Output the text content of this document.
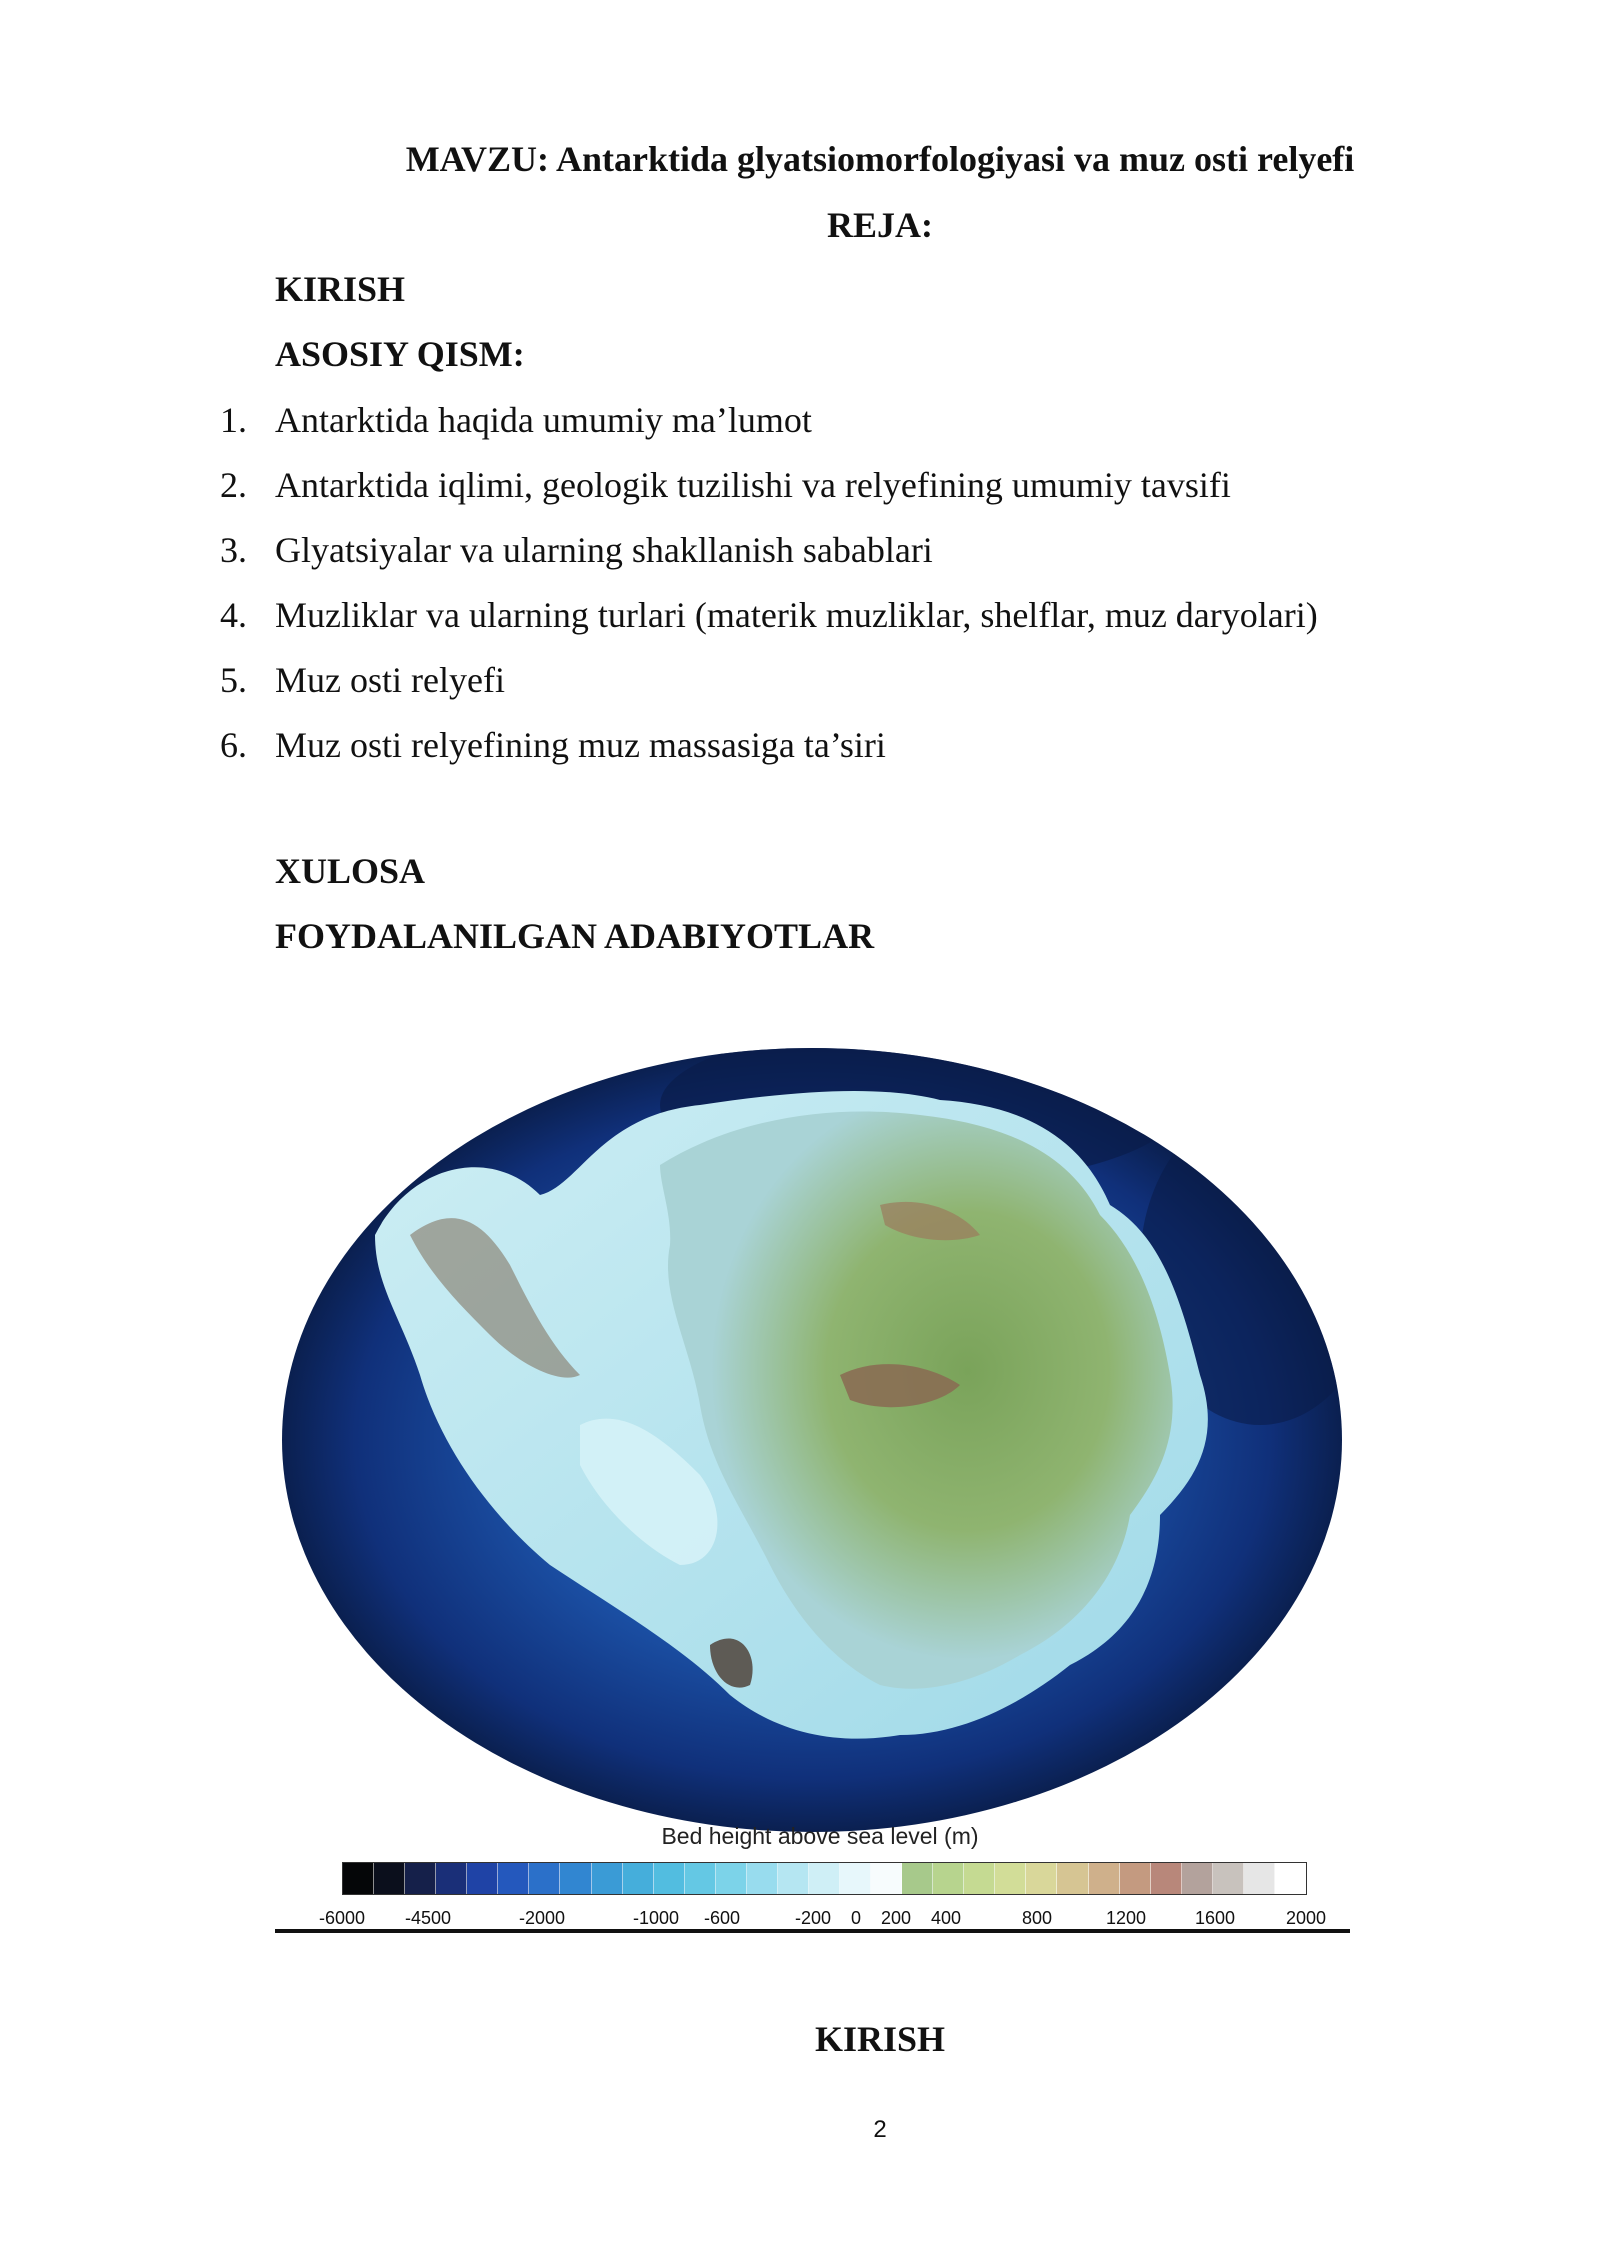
MAVZU: Antarktida glyatsiomorfologiyasi va muz osti relyefi
REJA:
KIRISH
ASOSIY QISM:
1. Antarktida haqida umumiy ma’lumot
2. Antarktida iqlimi, geologik tuzilishi va relyefining umumiy tavsifi
3. Glyatsiyalar va ularning shakllanish sabablari
4. Muzliklar va ularning turlari (materik muzliklar, shelflar, muz daryolari)
5. Muz osti relyefi
6. Muz osti relyefining muz massasiga ta’siri
XULOSA
FOYDALANILGAN ADABIYOTLAR
Bed height above sea level (m)
-6000 -4500	-2000	-1000 -600	-200 0 200 400	800	1200	1600	2000
KIRISH
2
